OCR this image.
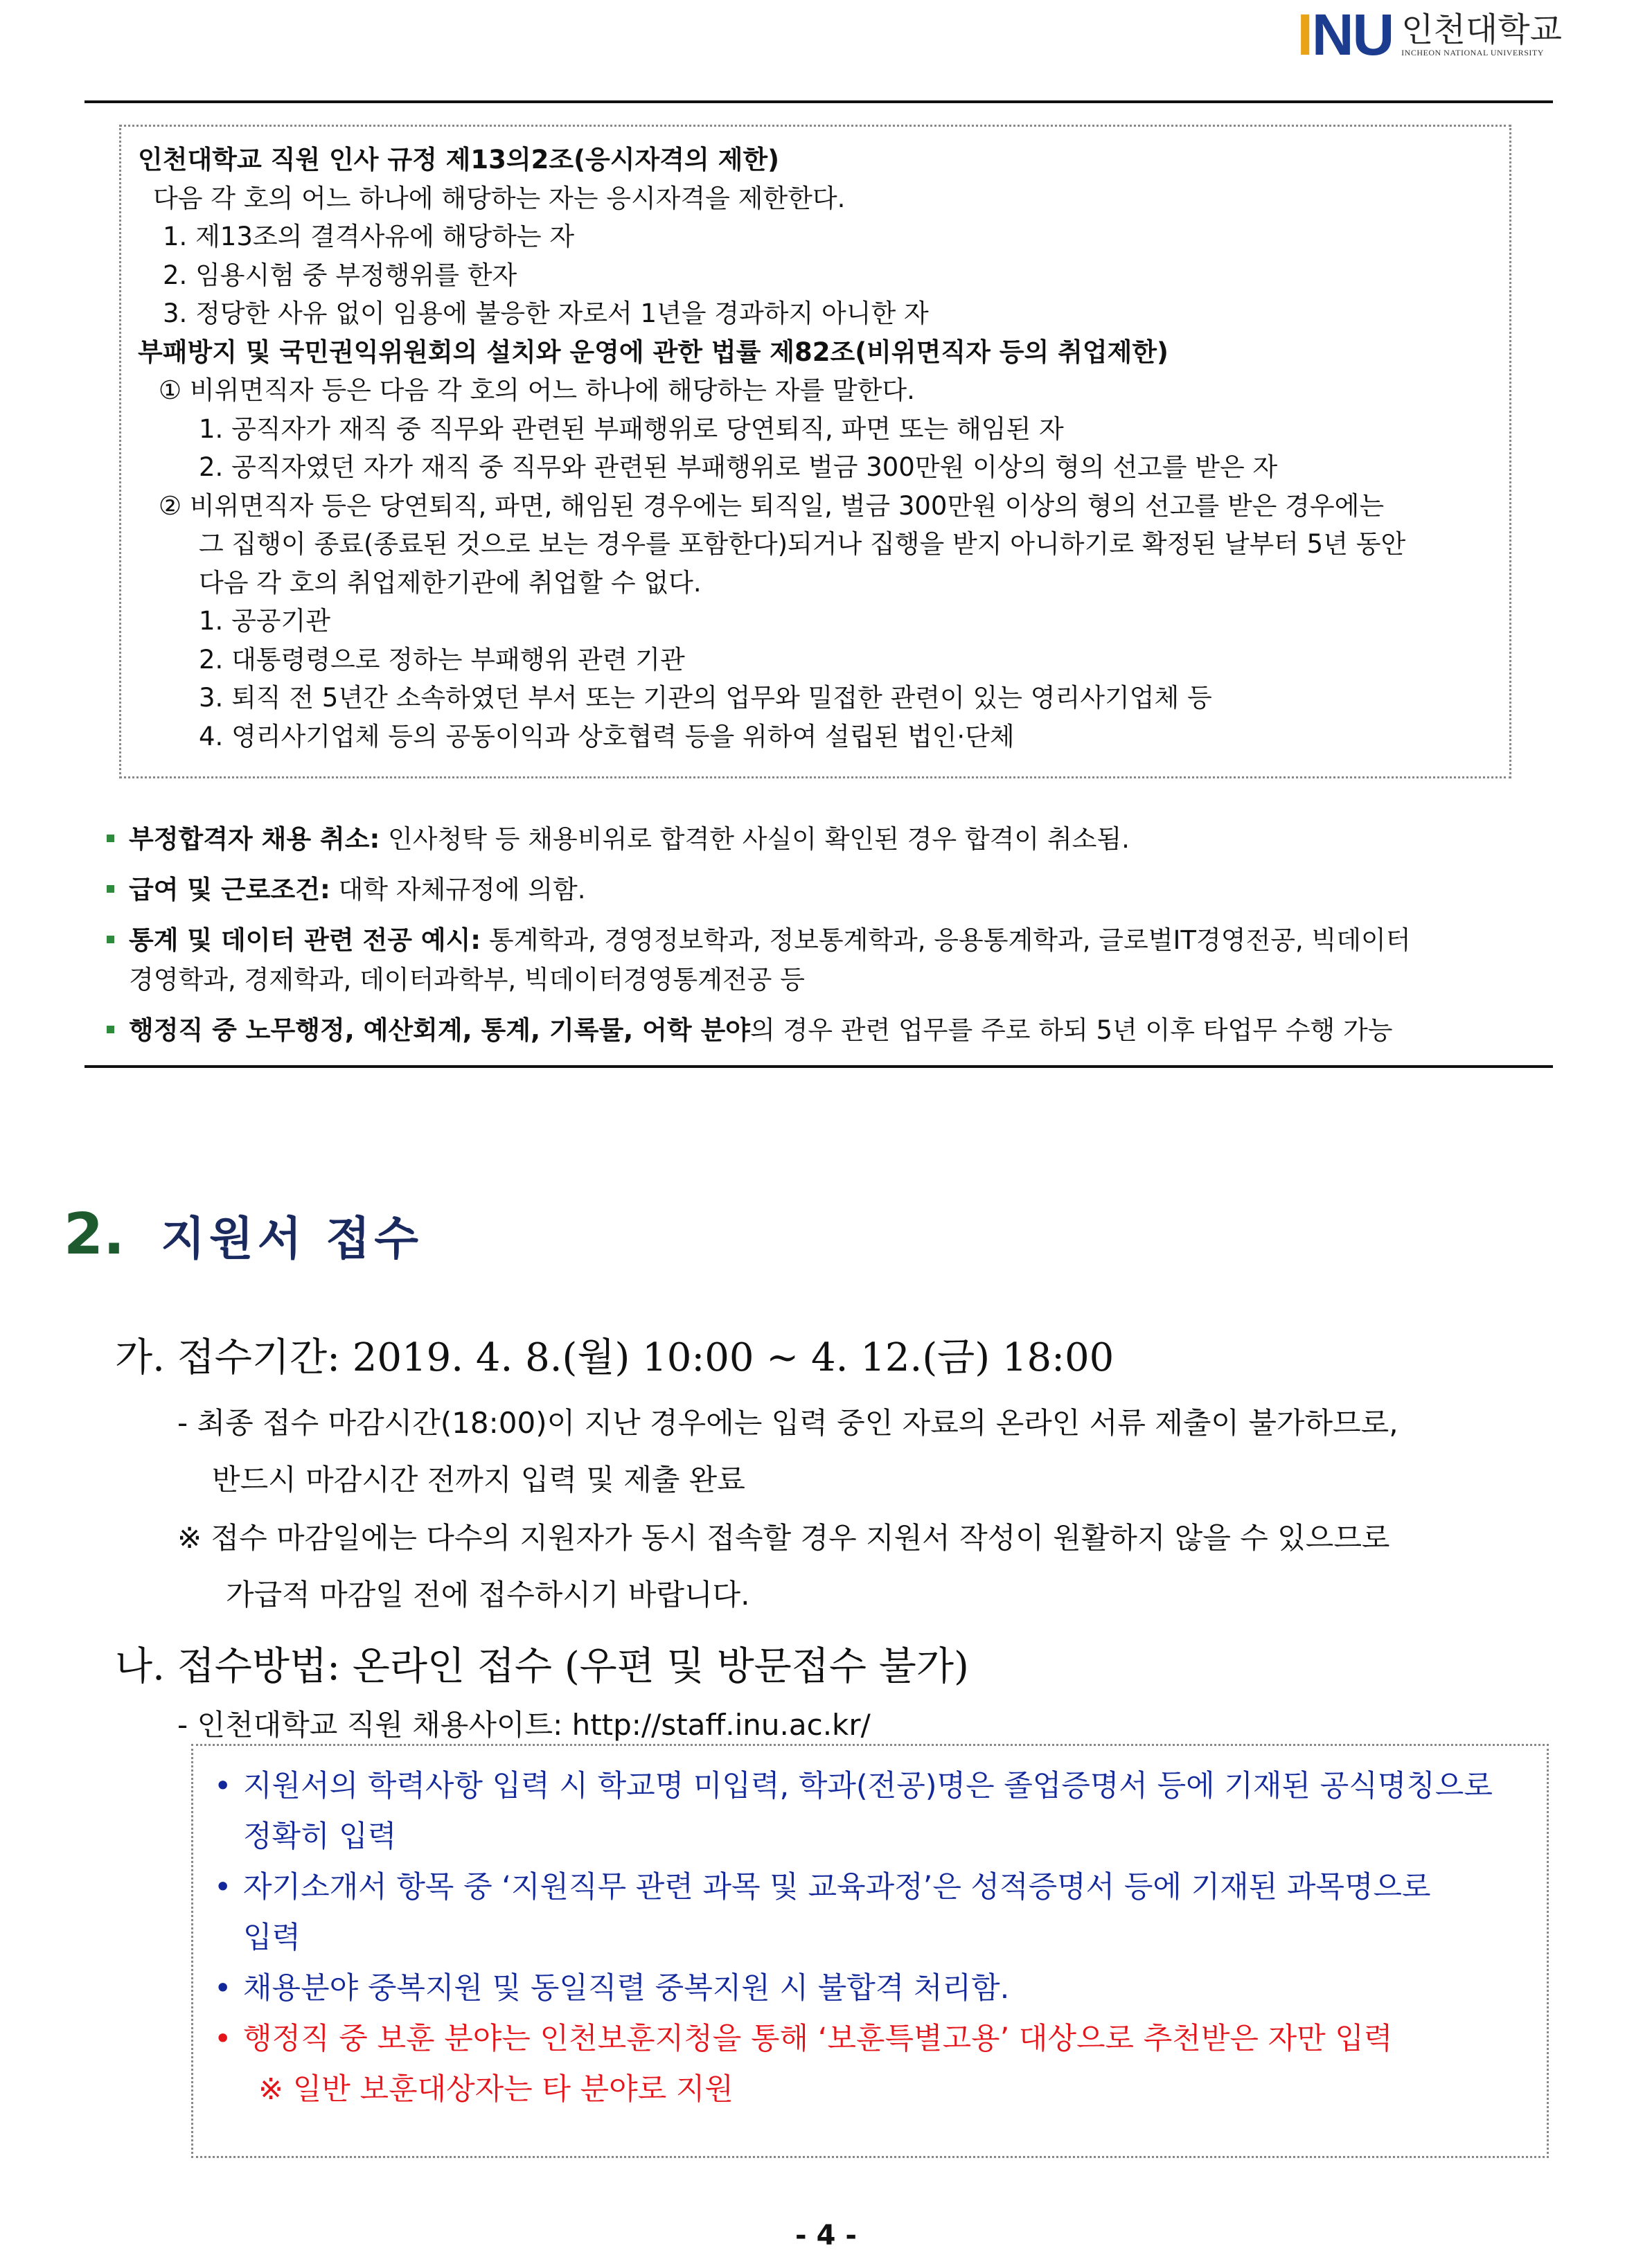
I N U 인천대학교
INCHEON NATIONAL UNIVERSITY
인천대학교 직원 인사 규정 제13의2조(응시자격의 제한)
다음 각 호의 어느 하나에 해당하는 자는 응시자격을 제한한다.
1. 제13조의 결격사유에 해당하는 자
2. 임용시험 중 부정행위를 한자
3. 정당한 사유 없이 임용에 불응한 자로서 1년을 경과하지 아니한 자
부패방지 및 국민권익위원회의 설치와 운영에 관한 법률 제82조(비위면직자 등의 취업제한)
① 비위면직자 등은 다음 각 호의 어느 하나에 해당하는 자를 말한다.
1. 공직자가 재직 중 직무와 관련된 부패행위로 당연퇴직, 파면 또는 해임된 자
2. 공직자였던 자가 재직 중 직무와 관련된 부패행위로 벌금 300만원 이상의 형의 선고를 받은 자
② 비위면직자 등은 당연퇴직, 파면, 해임된 경우에는 퇴직일, 벌금 300만원 이상의 형의 선고를 받은 경우에는
그 집행이 종료(종료된 것으로 보는 경우를 포함한다)되거나 집행을 받지 아니하기로 확정된 날부터 5년 동안
다음 각 호의 취업제한기관에 취업할 수 없다.
1. 공공기관
2. 대통령령으로 정하는 부패행위 관련 기관
3. 퇴직 전 5년간 소속하였던 부서 또는 기관의 업무와 밀접한 관련이 있는 영리사기업체 등
4. 영리사기업체 등의 공동이익과 상호협력 등을 위하여 설립된 법인·단체
부정합격자 채용 취소: 인사청탁 등 채용비위로 합격한 사실이 확인된 경우 합격이 취소됨.
급여 및 근로조건: 대학 자체규정에 의함.
통계 및 데이터 관련 전공 예시: 통계학과, 경영정보학과, 정보통계학과, 응용통계학과, 글로벌IT경영전공, 빅데이터
경영학과, 경제학과, 데이터과학부, 빅데이터경영통계전공 등
행정직 중 노무행정, 예산회계, 통계, 기록물, 어학 분야의 경우 관련 업무를 주로 하되 5년 이후 타업무 수행 가능
2. 지원서 접수
가. 접수기간: 2019. 4. 8.(월) 10:00 ~ 4. 12.(금) 18:00
- 최종 접수 마감시간(18:00)이 지난 경우에는 입력 중인 자료의 온라인 서류 제출이 불가하므로,
반드시 마감시간 전까지 입력 및 제출 완료
※ 접수 마감일에는 다수의 지원자가 동시 접속할 경우 지원서 작성이 원활하지 않을 수 있으므로
가급적 마감일 전에 접수하시기 바랍니다.
나. 접수방법: 온라인 접수 (우편 및 방문접수 불가)
- 인천대학교 직원 채용사이트: http://staff.inu.ac.kr/
• 지원서의 학력사항 입력 시 학교명 미입력, 학과(전공)명은 졸업증명서 등에 기재된 공식명칭으로
정확히 입력
• 자기소개서 항목 중 ‘지원직무 관련 과목 및 교육과정’은 성적증명서 등에 기재된 과목명으로
입력
• 채용분야 중복지원 및 동일직렬 중복지원 시 불합격 처리함.
• 행정직 중 보훈 분야는 인천보훈지청을 통해 ‘보훈특별고용’ 대상으로 추천받은 자만 입력
※ 일반 보훈대상자는 타 분야로 지원
- 4 -
